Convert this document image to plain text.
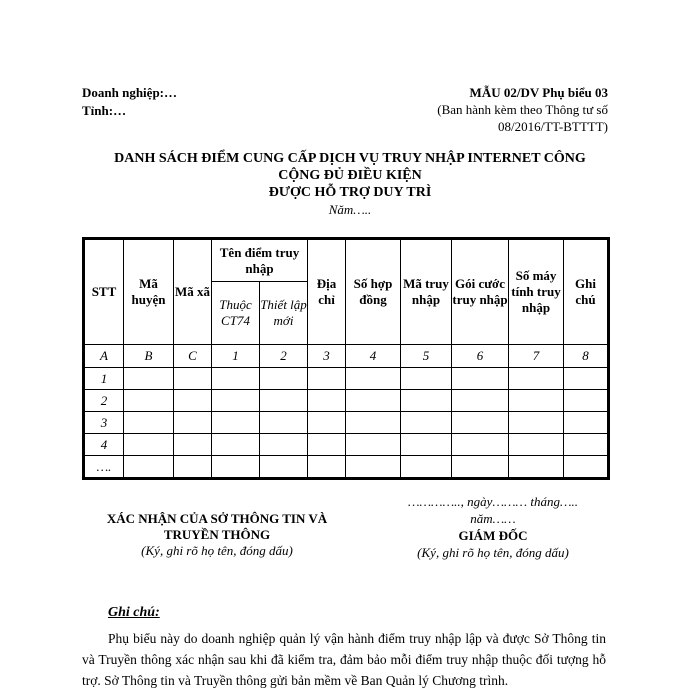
Doanh nghiệp:…
Tỉnh:…
MẪU 02/DV Phụ biểu 03
(Ban hành kèm theo Thông tư số
08/2016/TT-BTTTT)
DANH SÁCH ĐIỂM CUNG CẤP DỊCH VỤ TRUY NHẬP INTERNET CÔNG
CỘNG ĐỦ ĐIỀU KIỆN
ĐƯỢC HỖ TRỢ DUY TRÌ
Năm…..
STT	Mã huyện	Mã xã	Tên điểm truy nhập		Địa chỉ	Số hợp đồng	Mã truy nhập	Gói cước truy nhập	Số máy tính truy nhập	Ghi chú
			Thuộc CT74	Thiết lập mới						
A	B	C	1	2	3	4	5	6	7	8
1										
2										
3										
4										
….										
XÁC NHẬN CỦA SỞ THÔNG TIN VÀ
TRUYỀN THÔNG
(Ký, ghi rõ họ tên, đóng dấu)
………….., ngày……… tháng…..
năm……
GIÁM ĐỐC
(Ký, ghi rõ họ tên, đóng dấu)
Ghi chú:
Phụ biểu này do doanh nghiệp quản lý vận hành điểm truy nhập lập và được Sở Thông tin và Truyền thông xác nhận sau khi đã kiểm tra, đảm bảo mỗi điểm truy nhập thuộc đối tượng hỗ trợ. Sở Thông tin và Truyền thông gửi bản mềm về Ban Quản lý Chương trình.
